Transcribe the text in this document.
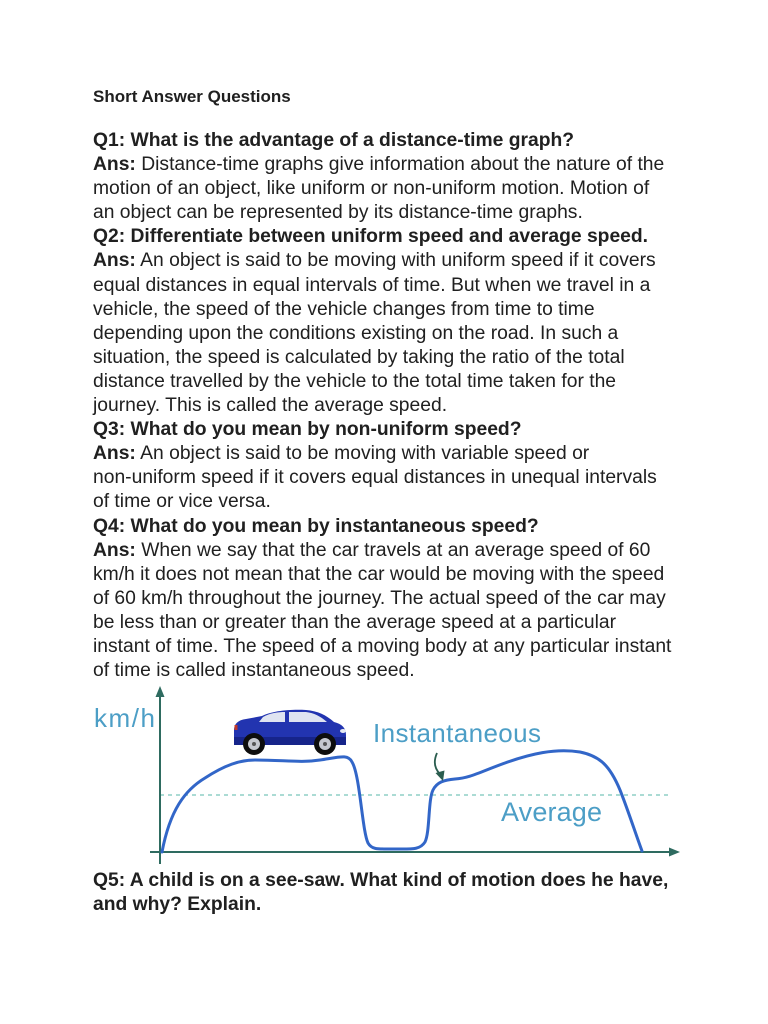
Short Answer Questions
Q1: What is the advantage of a distance-time graph?
Ans: Distance-time graphs give information about the nature of the
motion of an object, like uniform or non-uniform motion. Motion of
an object can be represented by its distance-time graphs.
Q2: Differentiate between uniform speed and average speed.
Ans: An object is said to be moving with uniform speed if it covers
equal distances in equal intervals of time. But when we travel in a
vehicle, the speed of the vehicle changes from time to time
depending upon the conditions existing on the road. In such a
situation, the speed is calculated by taking the ratio of the total
distance travelled by the vehicle to the total time taken for the
journey. This is called the average speed.
Q3: What do you mean by non-uniform speed?
Ans: An object is said to be moving with variable speed or
non-uniform speed if it covers equal distances in unequal intervals
of time or vice versa.
Q4: What do you mean by instantaneous speed?
Ans: When we say that the car travels at an average speed of 60
km/h it does not mean that the car would be moving with the speed
of 60 km/h throughout the journey. The actual speed of the car may
be less than or greater than the average speed at a particular
instant of time. The speed of a moving body at any particular instant
of time is called instantaneous speed.
km/h	Instantaneous
Average
Q5: A child is on a see-saw. What kind of motion does he have,
and why? Explain.
